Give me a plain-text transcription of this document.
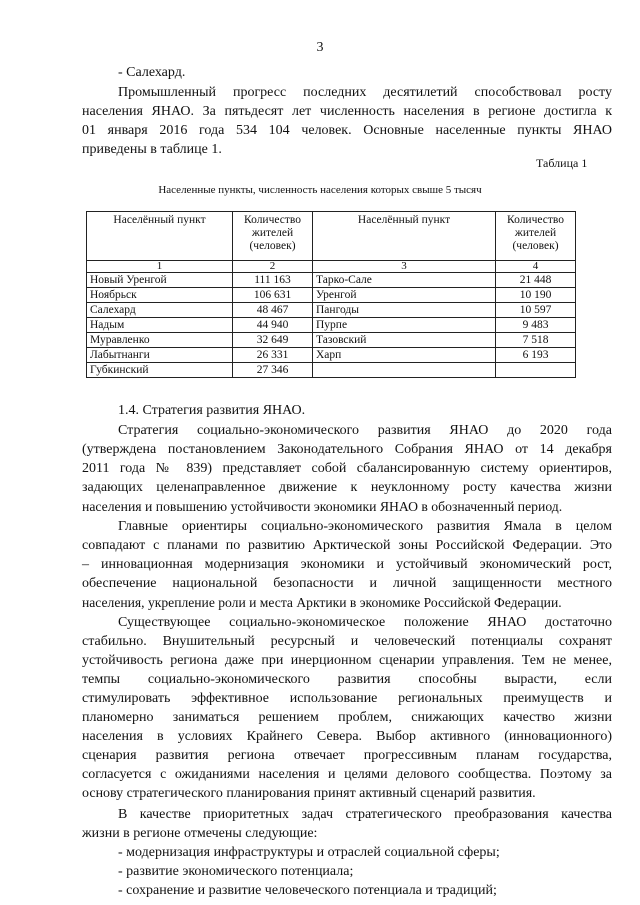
3
- Салехард.
Промышленный прогресс последних десятилетий способствовал росту
населения ЯНАО. За пятьдесят лет численность населения в регионе достигла к
01 января 2016 года 534 104 человек. Основные населенные пункты ЯНАО
приведены в таблице 1.
Таблица 1
Населенные пункты, численность населения которых свыше 5 тысяч
Населённый пункт	Количество жителей (человек)	Населённый пункт	Количество жителей (человек)
1	2	3	4
Новый Уренгой	111 163	Тарко-Сале	21 448
Ноябрьск	106 631	Уренгой	10 190
Салехард	48 467	Пангоды	10 597
Надым	44 940	Пурпе	9 483
Муравленко	32 649	Тазовский	7 518
Лабытнанги	26 331	Харп	6 193
Губкинский	27 346		
1.4. Стратегия развития ЯНАО.
Стратегия социально-экономического развития ЯНАО до 2020 года
(утверждена постановлением Законодательного Собрания ЯНАО от 14 декабря
2011 года № 839) представляет собой сбалансированную систему ориентиров,
задающих целенаправленное движение к неуклонному росту качества жизни
населения и повышению устойчивости экономики ЯНАО в обозначенный период.
Главные ориентиры социально-экономического развития Ямала в целом
совпадают с планами по развитию Арктической зоны Российской Федерации. Это
– инновационная модернизация экономики и устойчивый экономический рост,
обеспечение национальной безопасности и личной защищенности местного
населения, укрепление роли и места Арктики в экономике Российской Федерации.
Существующее социально-экономическое положение ЯНАО достаточно
стабильно. Внушительный ресурсный и человеческий потенциалы сохранят
устойчивость региона даже при инерционном сценарии управления. Тем не менее,
темпы социально-экономического развития способны вырасти, если
стимулировать эффективное использование региональных преимуществ и
планомерно заниматься решением проблем, снижающих качество жизни
населения в условиях Крайнего Севера. Выбор активного (инновационного)
сценария развития региона отвечает прогрессивным планам государства,
согласуется с ожиданиями населения и целями делового сообщества. Поэтому за
основу стратегического планирования принят активный сценарий развития.
В качестве приоритетных задач стратегического преобразования качества
жизни в регионе отмечены следующие:
- модернизация инфраструктуры и отраслей социальной сферы;
- развитие экономического потенциала;
- сохранение и развитие человеческого потенциала и традиций;
